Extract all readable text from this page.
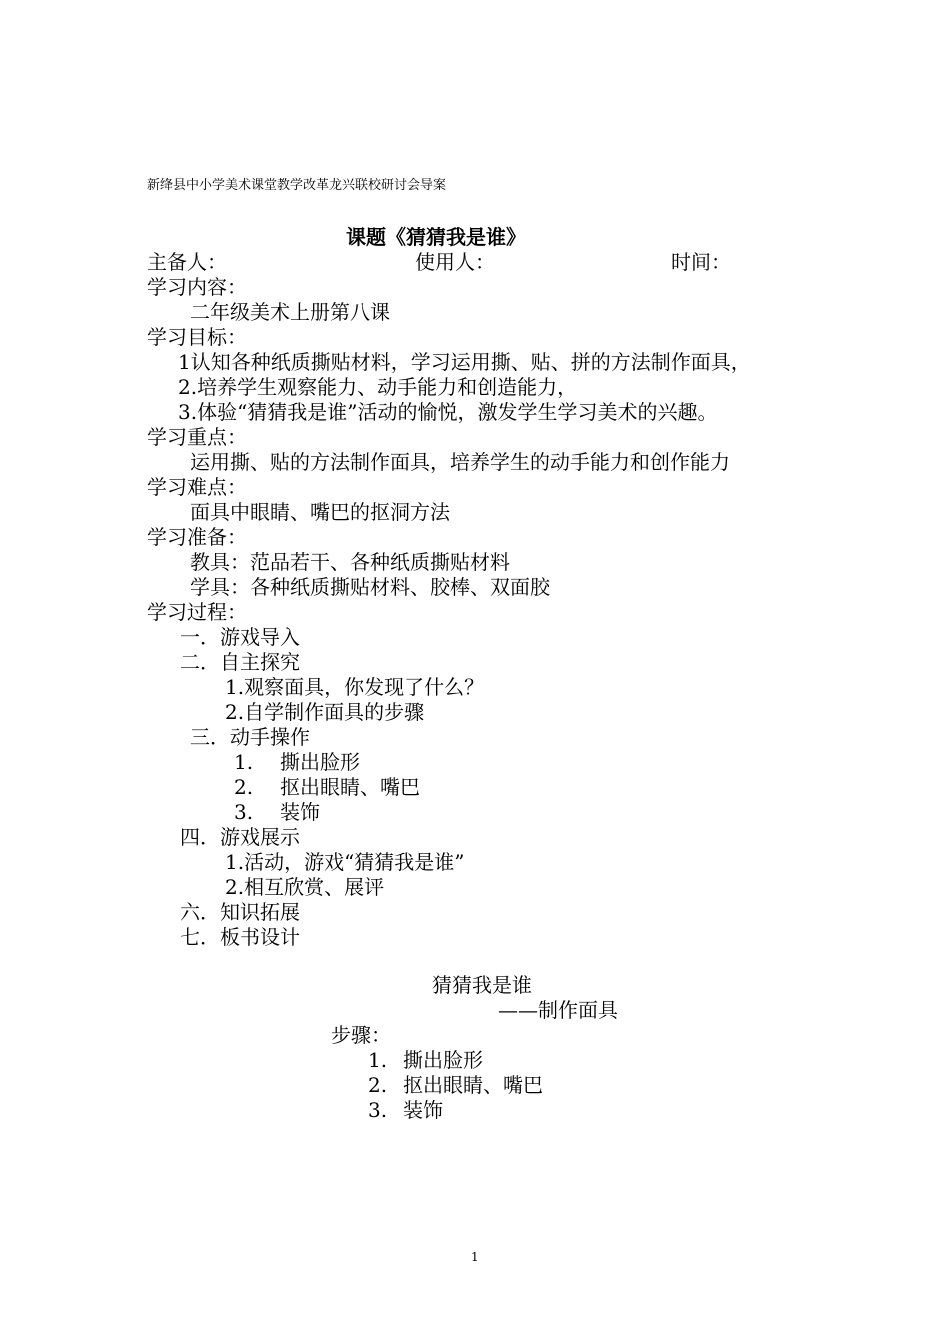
新绛县中小学美术课堂教学改革龙兴联校研讨会导案
课题《猜猜我是谁》
主备人：	使用人：	时间：
学习内容：
二年级美术上册第八课
学习目标：
1认知各种纸质撕贴材料，学习运用撕、贴、拼的方法制作面具，
2.培养学生观察能力、动手能力和创造能力，
3.体验“猜猜我是谁”活动的愉悦，激发学生学习美术的兴趣。
学习重点：
运用撕、贴的方法制作面具，培养学生的动手能力和创作能力
学习难点：
面具中眼睛、嘴巴的抠洞方法
学习准备：
教具：范品若干、各种纸质撕贴材料
学具：各种纸质撕贴材料、胶棒、双面胶
学习过程：
一．游戏导入
二．自主探究
1.观察面具，你发现了什么？
2.自学制作面具的步骤
三．动手操作
1. 撕出脸形
2. 抠出眼睛、嘴巴
3. 装饰
四．游戏展示
1.活动，游戏“猜猜我是谁”
2.相互欣赏、展评
六．知识拓展
七．板书设计
猜猜我是谁
——制作面具
步骤：
1. 撕出脸形
2. 抠出眼睛、嘴巴
3. 装饰
1
